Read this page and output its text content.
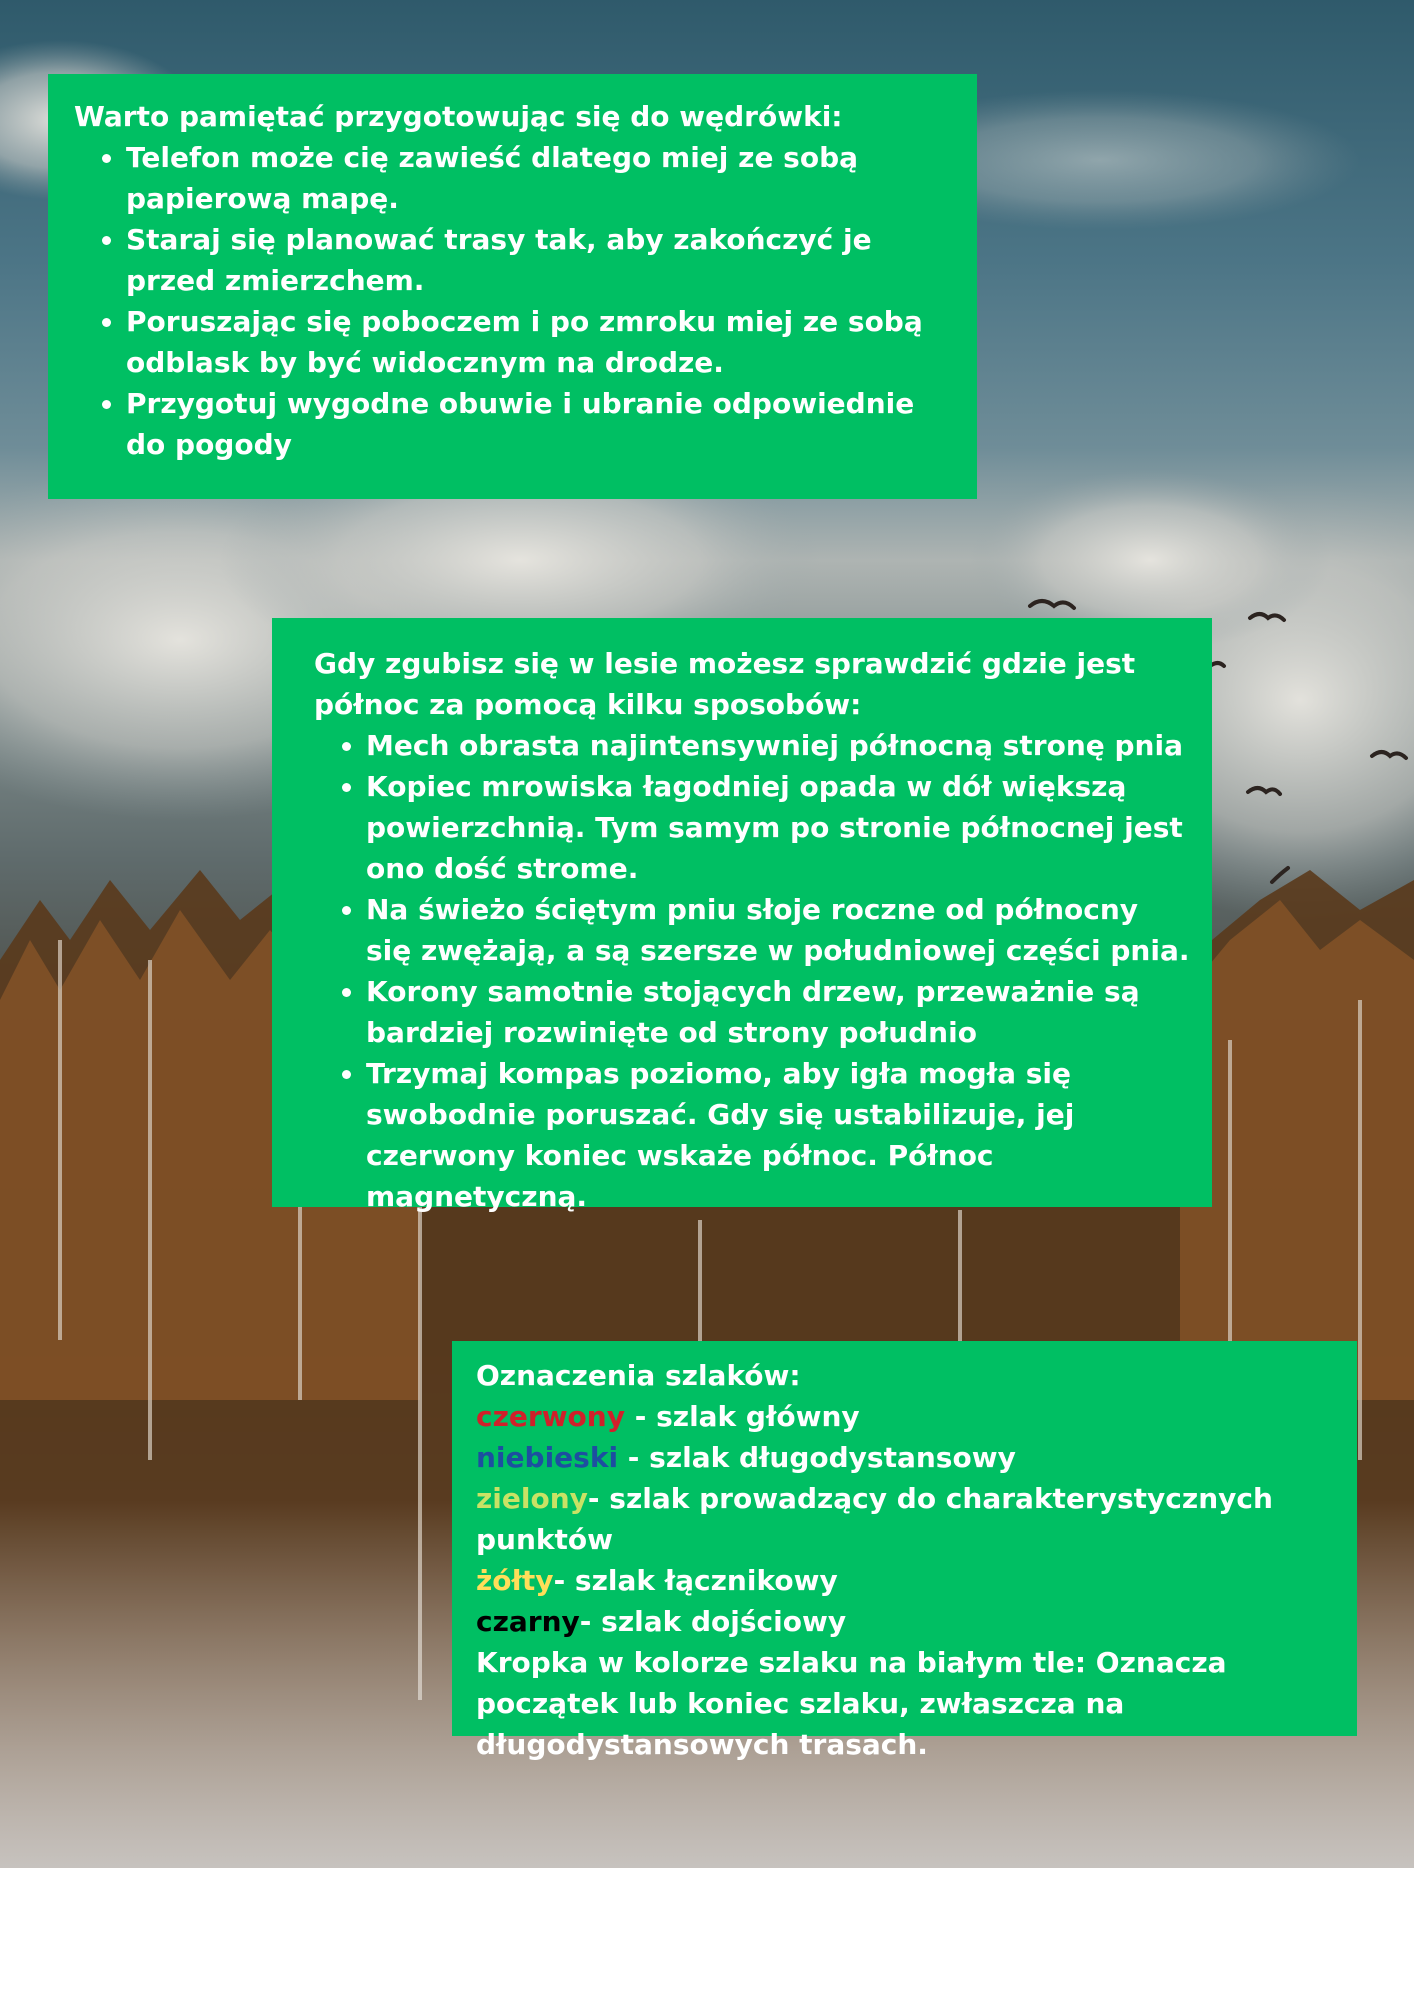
Warto pamiętać przygotowując się do wędrówki:

• Telefon może cię zawieść dlatego miej ze sobą papierową mapę.
• Staraj się planować trasy tak, aby zakończyć je przed zmierzchem.
• Poruszając się poboczem i po zmroku miej ze sobą odblask by być widocznym na drodze.
• Przygotuj wygodne obuwie i ubranie odpowiednie do pogody

Gdy zgubisz się w lesie możesz sprawdzić gdzie jest północ za pomocą kilku sposobów:

• Mech obrasta najintensywniej północną stronę pnia
• Kopiec mrowiska łagodniej opada w dół większą powierzchnią. Tym samym po stronie północnej jest ono dość strome.
• Na świeżo ściętym pniu słoje roczne od północny się zwężają, a są szersze w południowej części pnia.
• Korony samotnie stojących drzew, przeważnie są bardziej rozwinięte od strony południo
• Trzymaj kompas poziomo, aby igła mogła się swobodnie poruszać. Gdy się ustabilizuje, jej czerwony koniec wskaże północ. Północ magnetyczną.

Oznaczenia szlaków:

czerwony - szlak główny
niebieski - szlak długodystansowy
zielony- szlak prowadzący do charakterystycznych punktów
żółty- szlak łącznikowy
czarny- szlak dojściowy

Kropka w kolorze szlaku na białym tle: Oznacza początek lub koniec szlaku, zwłaszcza na długodystansowych trasach.
